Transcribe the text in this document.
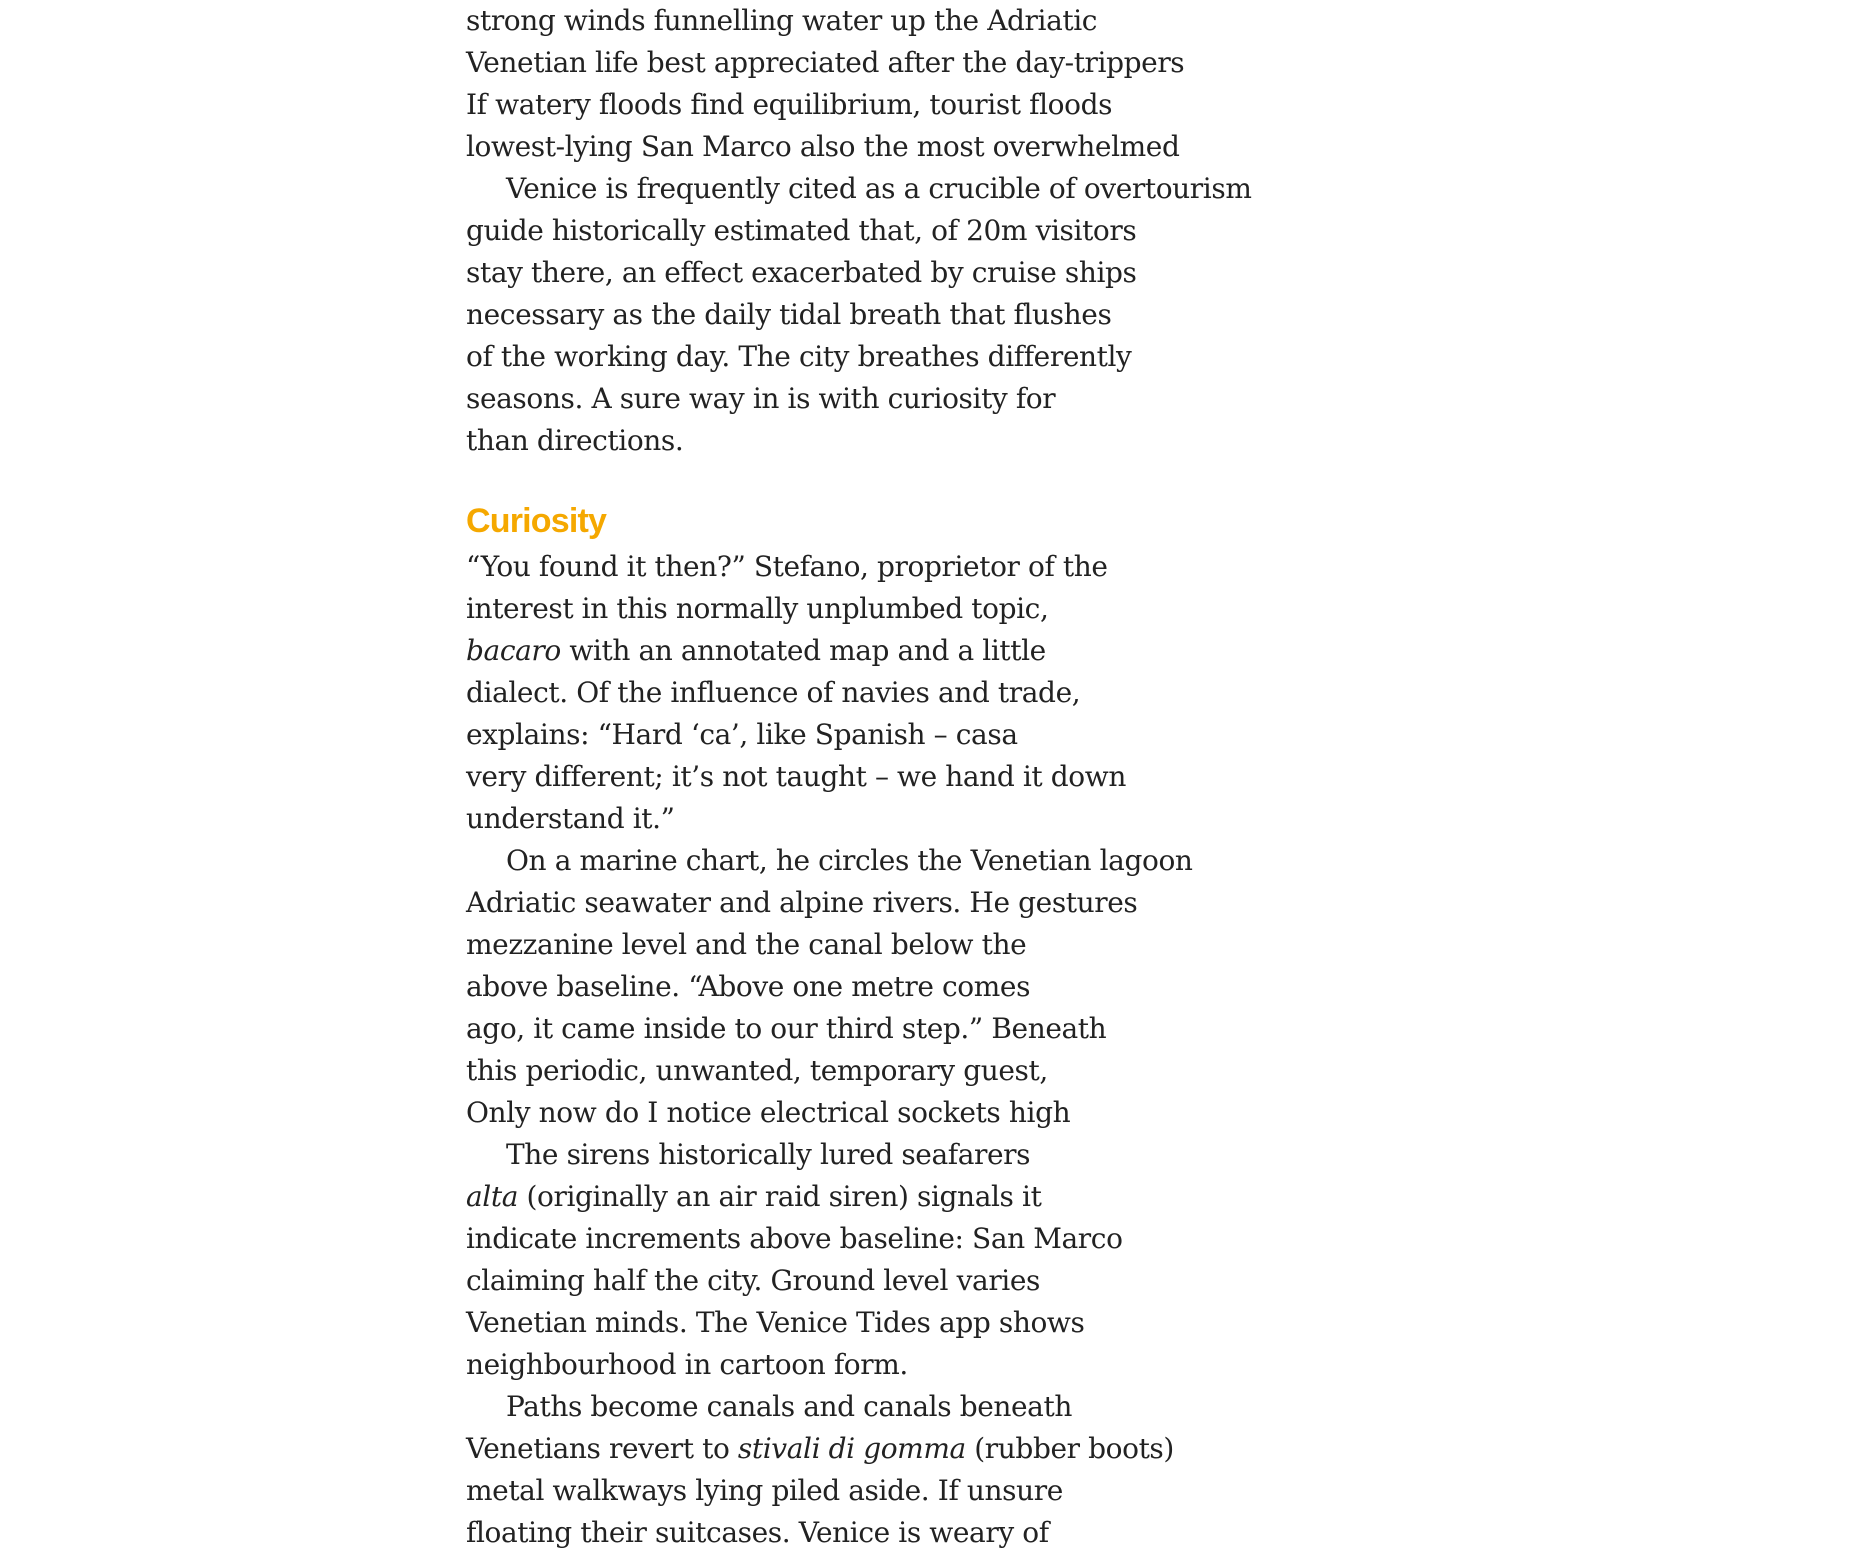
strong winds funnelling water up the Adriatic
Venetian life best appreciated after the day-trippers
If watery floods find equilibrium, tourist floods
lowest-lying San Marco also the most overwhelmed
Venice is frequently cited as a crucible of overtourism
guide historically estimated that, of 20m visitors
stay there, an effect exacerbated by cruise ships
necessary as the daily tidal breath that flushes
of the working day. The city breathes differently
seasons. A sure way in is with curiosity for
than directions.
Curiosity
“You found it then?” Stefano, proprietor of the
interest in this normally unplumbed topic,
bacaro with an annotated map and a little
dialect. Of the influence of navies and trade,
explains: “Hard ‘ca’, like Spanish – casa
very different; it’s not taught – we hand it down
understand it.”
On a marine chart, he circles the Venetian lagoon
Adriatic seawater and alpine rivers. He gestures
mezzanine level and the canal below the
above baseline. “Above one metre comes
ago, it came inside to our third step.” Beneath
this periodic, unwanted, temporary guest,
Only now do I notice electrical sockets high
The sirens historically lured seafarers
alta (originally an air raid siren) signals it
indicate increments above baseline: San Marco
claiming half the city. Ground level varies
Venetian minds. The Venice Tides app shows
neighbourhood in cartoon form.
Paths become canals and canals beneath
Venetians revert to stivali di gomma (rubber boots)
metal walkways lying piled aside. If unsure
floating their suitcases. Venice is weary of
